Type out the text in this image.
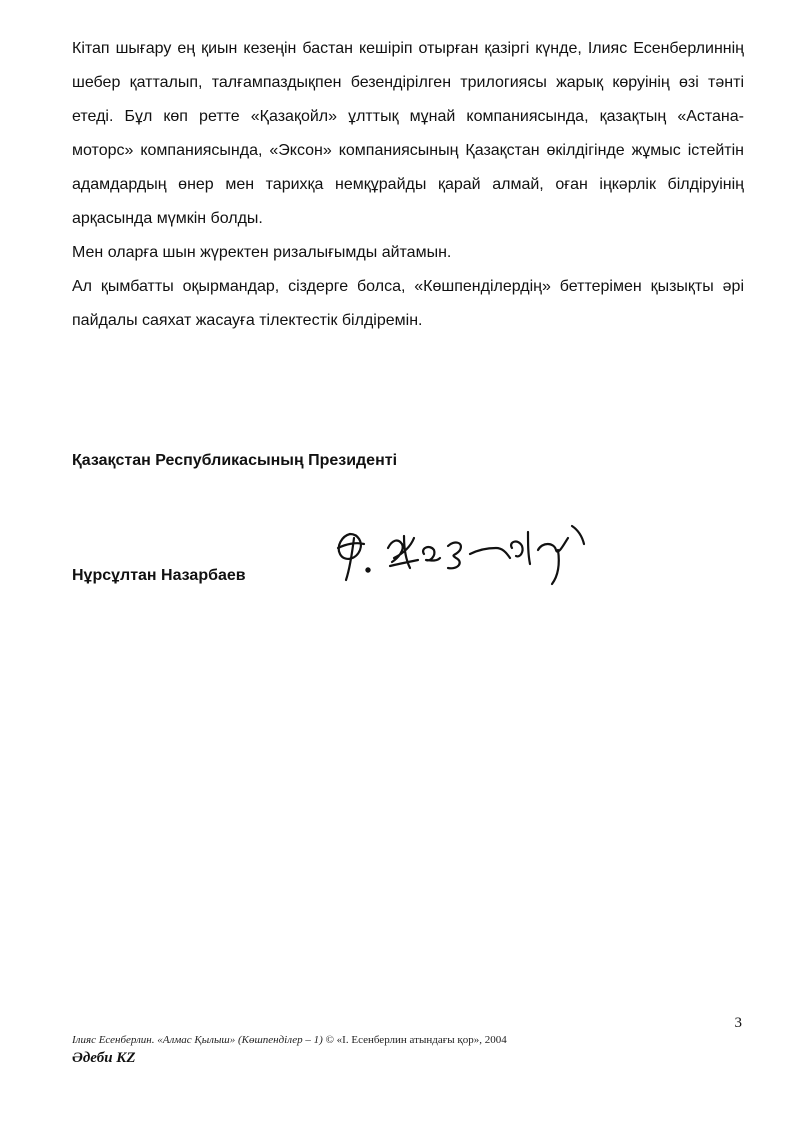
Кітап шығару ең қиын кезеңін бастан кешіріп отырған қазіргі күнде, Ілияс Есенберлиннің шебер қатталып, талғампаздықпен безендірілген трилогиясы жарық көруінің өзі тәнті етеді. Бұл көп ретте «Қазақойл» ұлттық мұнай компаниясында, қазақтың «Астана-моторс» компаниясында, «Эксон» компаниясының Қазақстан өкілдігінде жұмыс істейтін адамдардың өнер мен тарихқа немқұрайды қарай алмай, оған іңкәрлік білдіруінің арқасында мүмкін болды.

Мен оларға шын жүректен ризалығымды айтамын.

Ал қымбатты оқырмандар, сіздерге болса, «Көшпенділердің» беттерімен қызықты әрі пайдалы саяхат жасауға тілектестік білдіремін.

Қазақстан Республикасының Президенті

Нұрсұлтан Назарбаев

3
Ілияс Есенберлин. «Алмас Қылыш» (Көшпенділер – 1) © «І. Есенберлин атындағы қор», 2004
Әдеби KZ
